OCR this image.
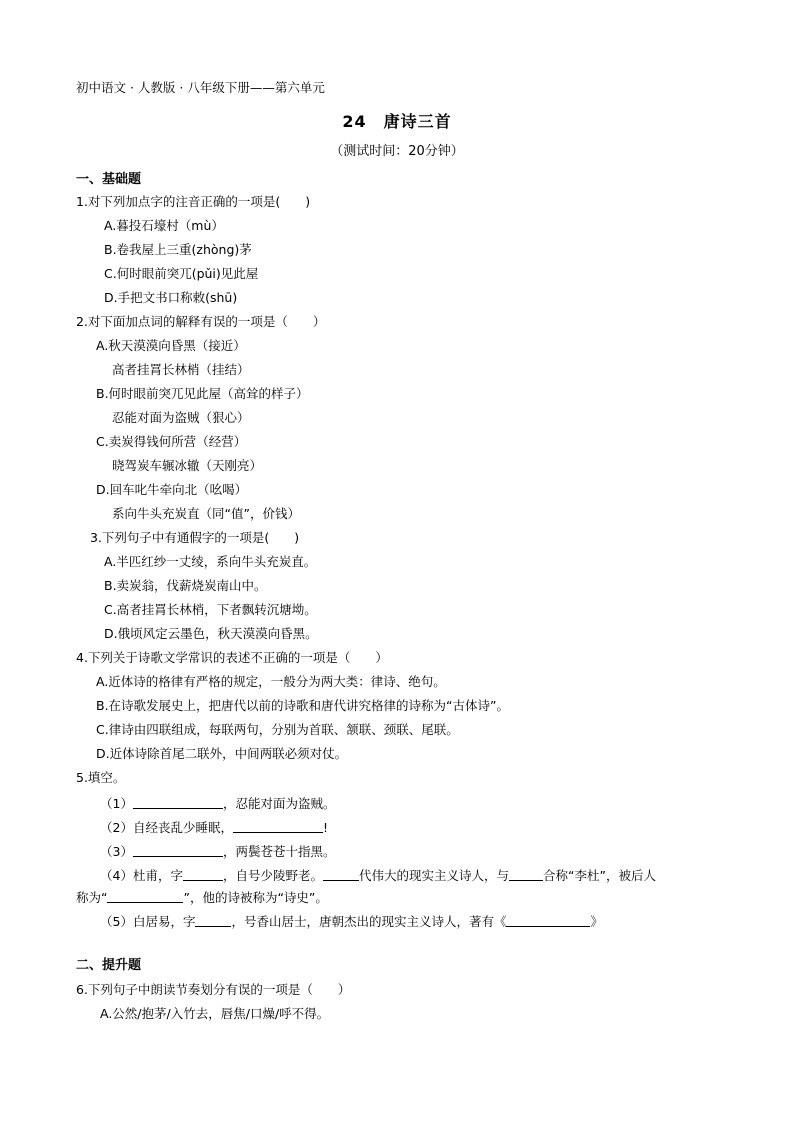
初中语文 · 人教版 · 八年级下册——第六单元
24　唐诗三首
（测试时间：20分钟）
一、基础题
1.对下列加点字的注音正确的一项是(　　)
A.暮投石壕村（mù）
B.卷我屋上三重(zhòng)茅
C.何时眼前突兀(pǔi)见此屋
D.手把文书口称敕(shū)
2.对下面加点词的解释有误的一项是（　　）
A.秋天漠漠向昏黑（接近）
高者挂罥长林梢（挂结）
B.何时眼前突兀见此屋（高耸的样子）
忍能对面为盗贼（狠心）
C.卖炭得钱何所营（经营）
晓驾炭车辗冰辙（天刚亮）
D.回车叱牛牵向北（吆喝）
系向牛头充炭直（同“值”，价钱）
3.下列句子中有通假字的一项是(　　)
A.半匹红纱一丈绫，系向牛头充炭直。
B.卖炭翁，伐薪烧炭南山中。
C.高者挂罥长林梢，下者飘转沉塘坳。
D.俄顷风定云墨色，秋天漠漠向昏黑。
4.下列关于诗歌文学常识的表述不正确的一项是（　　）
A.近体诗的格律有严格的规定，一般分为两大类：律诗、绝句。
B.在诗歌发展史上，把唐代以前的诗歌和唐代讲究格律的诗称为“古体诗”。
C.律诗由四联组成，每联两句，分别为首联、颔联、颈联、尾联。
D.近体诗除首尾二联外，中间两联必须对仗。
5.填空。
（1）	，忍能对面为盗贼。
（2）自经丧乱少睡眠，	!
（3）	，两鬓苍苍十指黑。
（4）杜甫，字	，自号少陵野老。	代伟大的现实主义诗人，与	合称“李杜”，被后人
称为“	”，他的诗被称为“诗史”。
（5）白居易，字	，号香山居士，唐朝杰出的现实主义诗人，著有《	》
二、提升题
6.下列句子中朗读节奏划分有误的一项是（　　）
A.公然/抱茅/入竹去，唇焦/口燥/呼不得。
